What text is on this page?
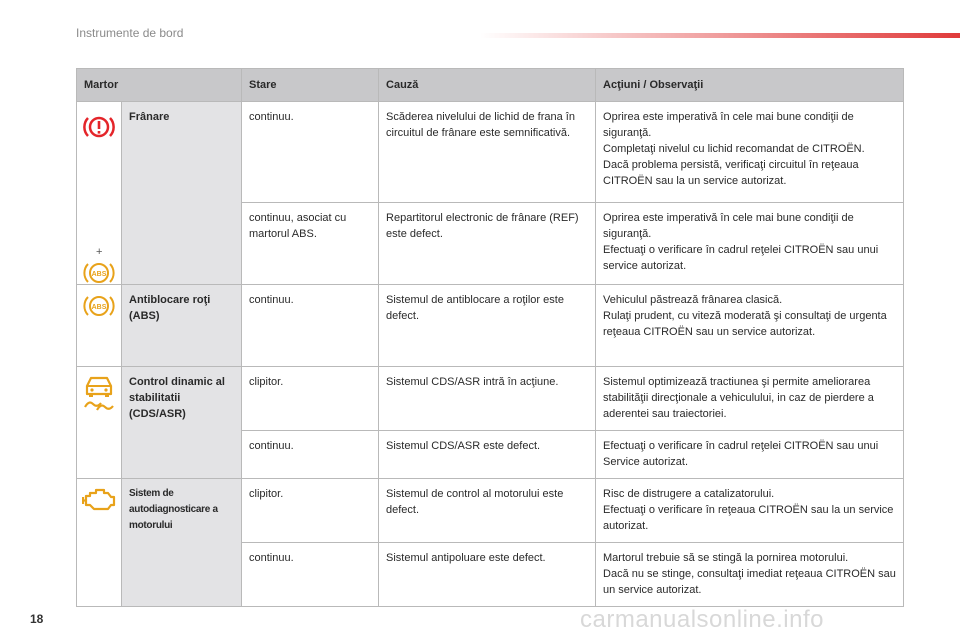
Instrumente de bord
Martor		Stare	Cauză	Acţiuni / Observaţii

+
ABS	Frânare	continuu.	Scăderea nivelului de lichid de frana în circuitul de frânare este semnificativă.	Oprirea este imperativă în cele mai bune condiţii de siguranţă.
Completaţi nivelul cu lichid recomandat de CITROËN.
Dacă problema persistă, verificaţi circuitul în reţeaua CITROËN sau la un service autorizat.
		continuu, asociat cu martorul ABS.	Repartitorul electronic de frânare (REF) este defect.	Oprirea este imperativă în cele mai bune condiţii de siguranţă.
Efectuaţi o verificare în cadrul reţelei CITROËN sau unui service autorizat.

ABS	Antiblocare roţi (ABS)	continuu.	Sistemul de antiblocare a roţilor este defect.	Vehiculul păstrează frânarea clasică.
Rulaţi prudent, cu viteză moderată şi consultaţi de urgenta reţeaua CITROËN sau un service autorizat.

	Control dinamic al stabilitatii (CDS/ASR)	clipitor.	Sistemul CDS/ASR intră în acţiune.	Sistemul optimizează tractiunea şi permite ameliorarea stabilităţii direcţionale a vehiculului, in caz de pierdere a aderentei sau traiectoriei.
		continuu.	Sistemul CDS/ASR este defect.	Efectuaţi o verificare în cadrul reţelei CITROËN sau unui Service autorizat.

	Sistem de autodiagnosticare a motorului	clipitor.	Sistemul de control al motorului este defect.	Risc de distrugere a catalizatorului.
Efectuaţi o verificare în reţeaua CITROËN sau la un service autorizat.
		continuu.	Sistemul antipoluare este defect.	Martorul trebuie să se stingă la pornirea motorului.
Dacă nu se stinge, consultaţi imediat reţeaua CITROËN sau un service autorizat.
18	carmanualsonline.info
